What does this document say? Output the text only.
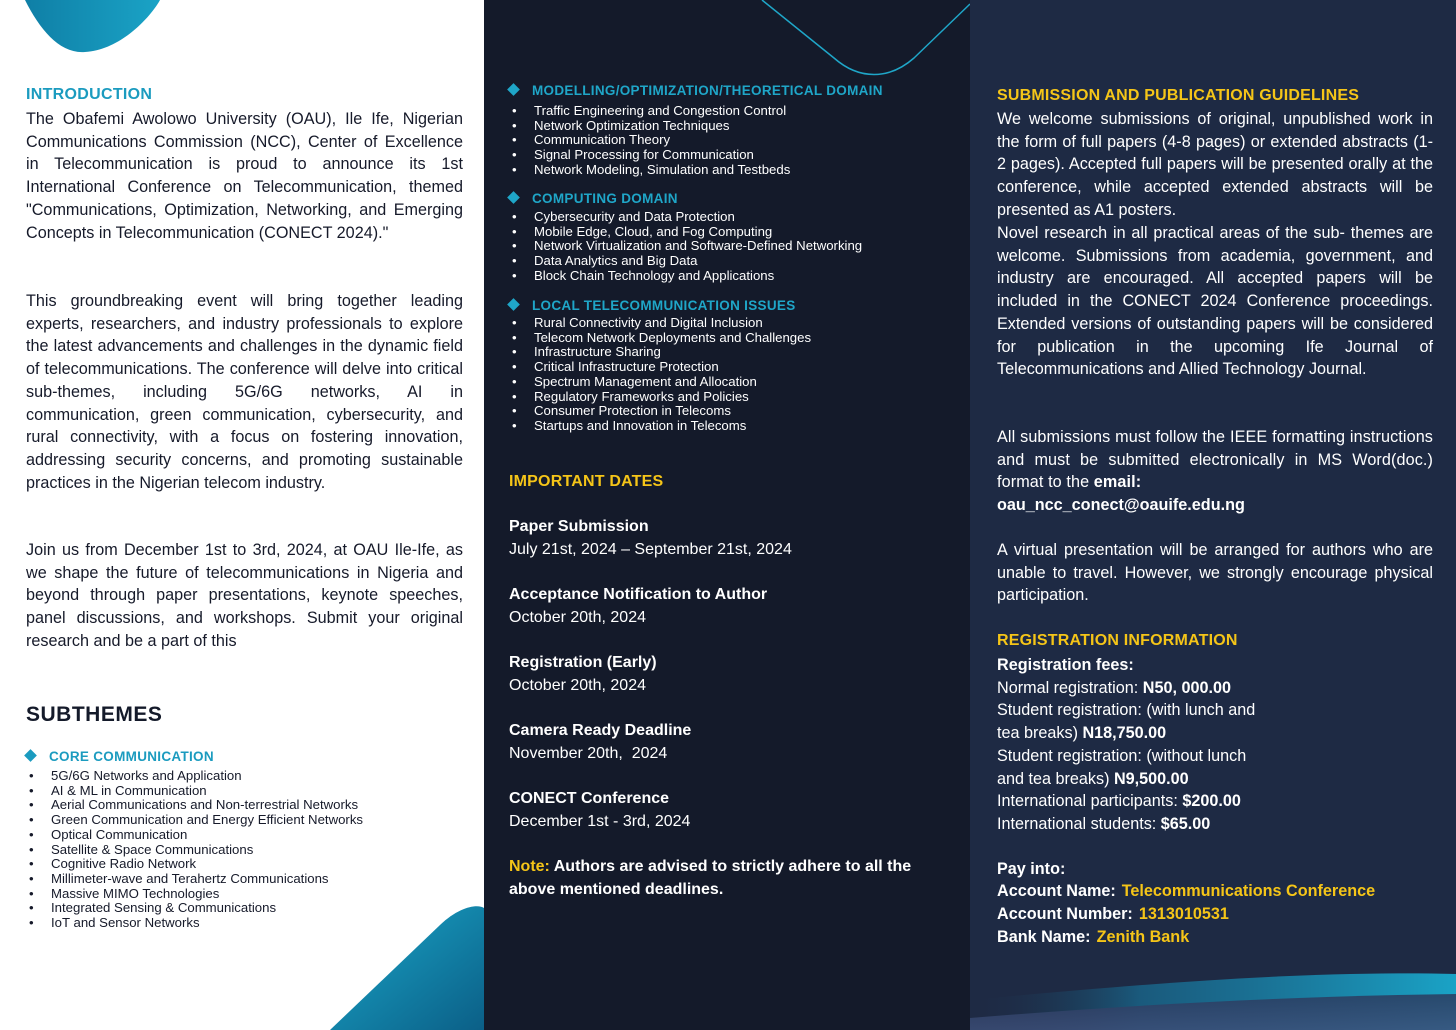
INTRODUCTION

The Obafemi Awolowo University (OAU), Ile Ife, Nigerian Communications Commission (NCC), Center of Excellence in Telecommunication is proud to announce its 1st International Conference on Telecommunication, themed "Communications, Optimization, Networking, and Emerging Concepts in Telecommunication (CONECT 2024)."

This groundbreaking event will bring together leading experts, researchers, and industry professionals to explore the latest advancements and challenges in the dynamic field of telecommunications. The conference will delve into critical sub-themes, including 5G/6G networks, AI in communication, green communication, cybersecurity, and rural connectivity, with a focus on fostering innovation, addressing security concerns, and promoting sustainable practices in the Nigerian telecom industry.

Join us from December 1st to 3rd, 2024, at OAU Ile-Ife, as we shape the future of telecommunications in Nigeria and beyond through paper presentations, keynote speeches, panel discussions, and workshops. Submit your original research and be a part of this

SUBTHEMES
CORE COMMUNICATION
• 5G/6G Networks and Application
• AI & ML in Communication
• Aerial Communications and Non-terrestrial Networks
• Green Communication and Energy Efficient Networks
• Optical Communication
• Satellite & Space Communications
• Cognitive Radio Network
• Millimeter-wave and Terahertz Communications
• Massive MIMO Technologies
• Integrated Sensing & Communications
• IoT and Sensor Networks
MODELLING/OPTIMIZATION/THEORETICAL DOMAIN
• Traffic Engineering and Congestion Control
• Network Optimization Techniques
• Communication Theory
• Signal Processing for Communication
• Network Modeling, Simulation and Testbeds
COMPUTING DOMAIN
• Cybersecurity and Data Protection
• Mobile Edge, Cloud, and Fog Computing
• Network Virtualization and Software-Defined Networking
• Data Analytics and Big Data
• Block Chain Technology and Applications
LOCAL TELECOMMUNICATION ISSUES
• Rural Connectivity and Digital Inclusion
• Telecom Network Deployments and Challenges
• Infrastructure Sharing
• Critical Infrastructure Protection
• Spectrum Management and Allocation
• Regulatory Frameworks and Policies
• Consumer Protection in Telecoms
• Startups and Innovation in Telecoms
IMPORTANT DATES
Paper Submission
July 21st, 2024 – September 21st, 2024
Acceptance Notification to Author
October 20th, 2024
Registration (Early)
October 20th, 2024
Camera Ready Deadline
November 20th,  2024
CONECT Conference
December 1st - 3rd, 2024
Note: Authors are advised to strictly adhere to all the above mentioned deadlines.
SUBMISSION AND PUBLICATION GUIDELINES

We welcome submissions of original, unpublished work in the form of full papers (4-8 pages) or extended abstracts (1-2 pages). Accepted full papers will be presented orally at the conference, while accepted extended abstracts will be presented as A1 posters.

Novel research in all practical areas of the sub- themes are welcome. Submissions from academia, government, and industry are encouraged. All accepted papers will be included in the CONECT 2024 Conference proceedings. Extended versions of outstanding papers will be considered for publication in the upcoming Ife Journal of Telecommunications and Allied Technology Journal.

All submissions must follow the IEEE formatting instructions and must be submitted electronically in MS Word(doc.) format to the email:

oau_ncc_conect@oauife.edu.ng

A virtual presentation will be arranged for authors who are unable to travel. However, we strongly encourage physical participation.

REGISTRATION INFORMATION
Registration fees:
Normal registration: N50, 000.00
Student registration: (with lunch and
tea breaks) N18,750.00
Student registration: (without lunch
and tea breaks) N9,500.00
International participants: $200.00
International students: $65.00
Pay into:
Account Name: Telecommunications Conference
Account Number: 1313010531
Bank Name: Zenith Bank
